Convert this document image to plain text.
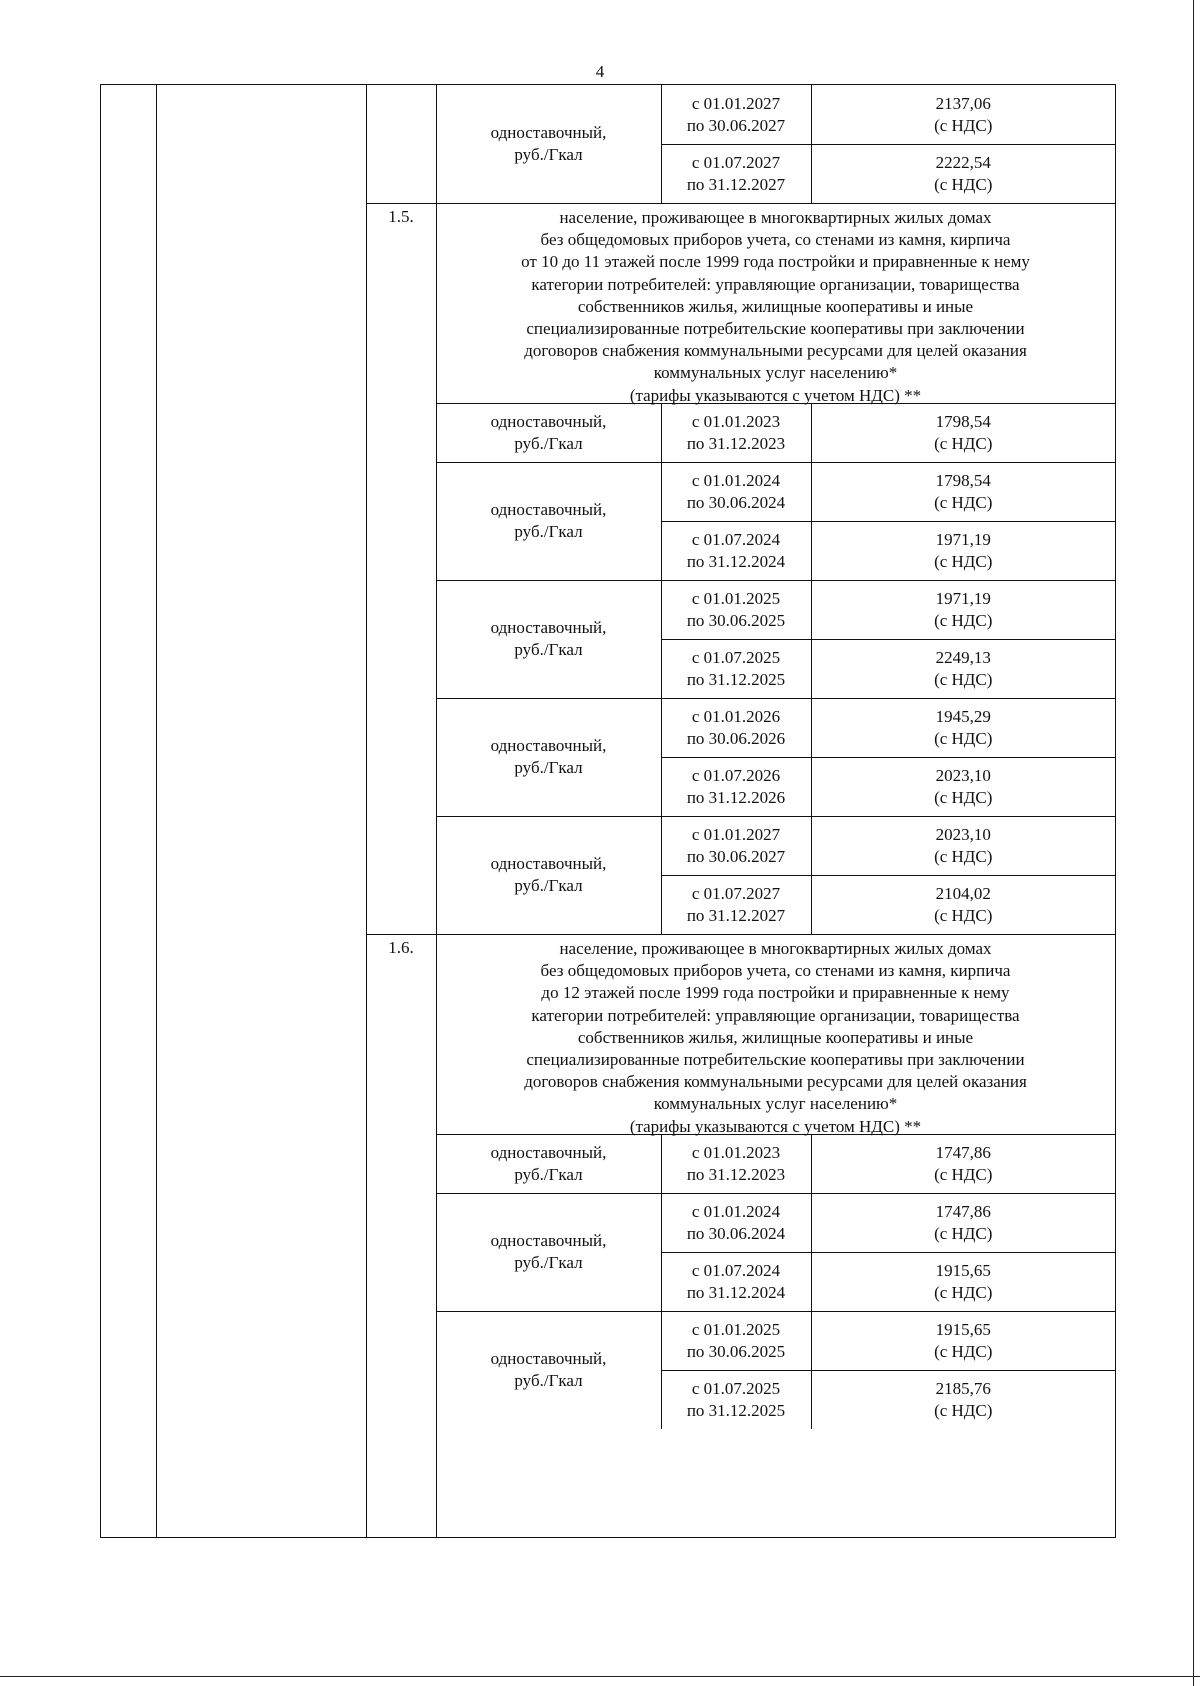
4
одноставочный,
руб./Гкал
с 01.01.2027
по 30.06.2027
2137,06
(с НДС)
с 01.07.2027
по 31.12.2027
2222,54
(с НДС)
1.5.	население, проживающее в многоквартирных жилых домах
без общедомовых приборов учета, со стенами из камня, кирпича
от 10 до 11 этажей после 1999 года постройки и приравненные к нему
категории потребителей: управляющие организации, товарищества
собственников жилья, жилищные кооперативы и иные
специализированные потребительские кооперативы при заключении
договоров снабжения коммунальными ресурсами для целей оказания
коммунальных услуг населению*
(тарифы указываются с учетом НДС) **
одноставочный,
руб./Гкал
с 01.01.2023
по 31.12.2023
1798,54
(с НДС)
одноставочный,
руб./Гкал
с 01.01.2024
по 30.06.2024
1798,54
(с НДС)
с 01.07.2024
по 31.12.2024
1971,19
(с НДС)
одноставочный,
руб./Гкал
с 01.01.2025
по 30.06.2025
1971,19
(с НДС)
с 01.07.2025
по 31.12.2025
2249,13
(с НДС)
одноставочный,
руб./Гкал
с 01.01.2026
по 30.06.2026
1945,29
(с НДС)
с 01.07.2026
по 31.12.2026
2023,10
(с НДС)
одноставочный,
руб./Гкал
с 01.01.2027
по 30.06.2027
2023,10
(с НДС)
с 01.07.2027
по 31.12.2027
2104,02
(с НДС)
1.6.	население, проживающее в многоквартирных жилых домах
без общедомовых приборов учета, со стенами из камня, кирпича
до 12 этажей после 1999 года постройки и приравненные к нему
категории потребителей: управляющие организации, товарищества
собственников жилья, жилищные кооперативы и иные
специализированные потребительские кооперативы при заключении
договоров снабжения коммунальными ресурсами для целей оказания
коммунальных услуг населению*
(тарифы указываются с учетом НДС) **
одноставочный,
руб./Гкал
с 01.01.2023
по 31.12.2023
1747,86
(с НДС)
одноставочный,
руб./Гкал
с 01.01.2024
по 30.06.2024
1747,86
(с НДС)
с 01.07.2024
по 31.12.2024
1915,65
(с НДС)
одноставочный,
руб./Гкал
с 01.01.2025
по 30.06.2025
1915,65
(с НДС)
с 01.07.2025
по 31.12.2025
2185,76
(с НДС)
